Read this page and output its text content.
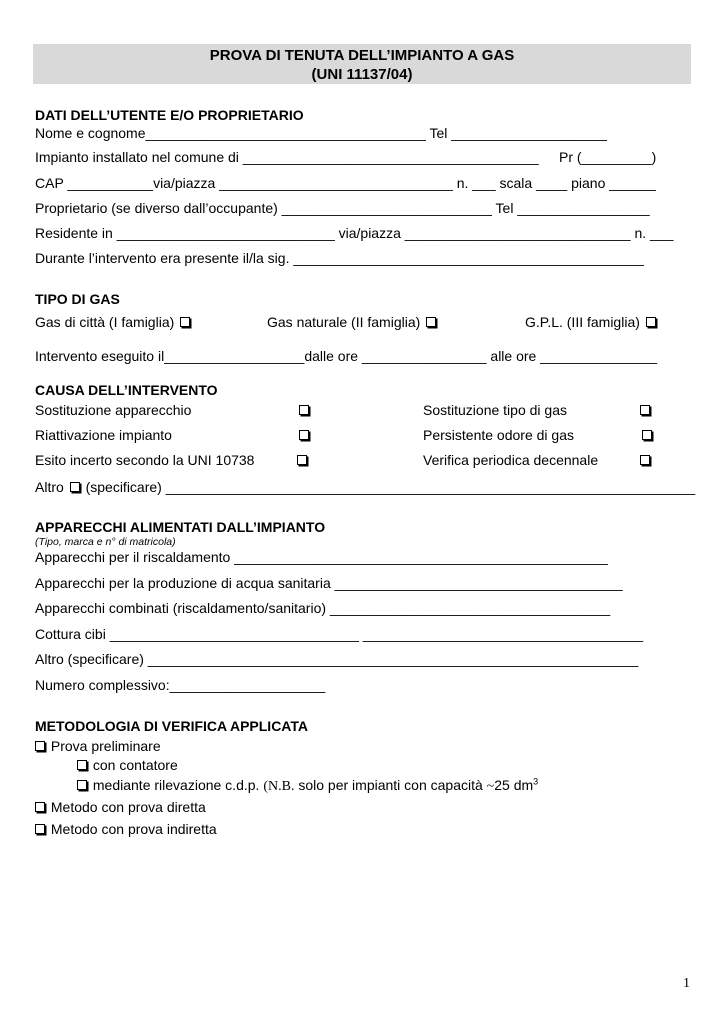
PROVA DI TENUTA DELL’IMPIANTO A GAS
(UNI 11137/04)
DATI DELL’UTENTE E/O PROPRIETARIO
Nome e cognome____________________________________ Tel ____________________
Impianto installato nel comune di ______________________________________ Pr (_________)
CAP ___________via/piazza ______________________________ n. ___ scala ____ piano ______
Proprietario (se diverso dall’occupante) ___________________________ Tel _________________
Residente in ____________________________ via/piazza _____________________________ n. ___
Durante l’intervento era presente il/la sig. _____________________________________________
TIPO DI GAS
Gas di città (I famiglia)	Gas naturale (II famiglia)	G.P.L. (III famiglia)
Intervento eseguito il__________________dalle ore ________________ alle ore _______________
CAUSA DELL’INTERVENTO
Sostituzione apparecchio
Riattivazione impianto
Esito incerto secondo la UNI 10738
Sostituzione tipo di gas
Persistente odore di gas
Verifica periodica decennale
Altro (specificare) ____________________________________________________________________
APPARECCHI ALIMENTATI DALL’IMPIANTO
(Tipo, marca e n° di matricola)
Apparecchi per il riscaldamento ________________________________________________
Apparecchi per la produzione di acqua sanitaria _____________________________________
Apparecchi combinati (riscaldamento/sanitario) ____________________________________
Cottura cibi ________________________________ ____________________________________
Altro (specificare) _______________________________________________________________
Numero complessivo:____________________
METODOLOGIA DI VERIFICA APPLICATA
Prova preliminare
con contatore
mediante rilevazione c.d.p. (N.B. solo per impianti con capacità ~25 $dm^3$
Metodo con prova diretta
Metodo con prova indiretta
1
